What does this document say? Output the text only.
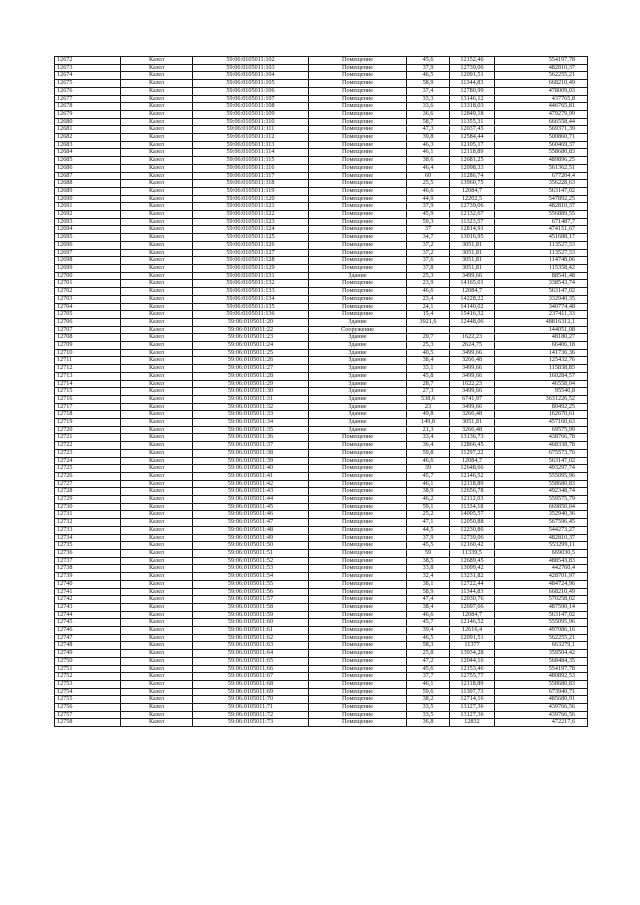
12672	Казел	59:06:0105011:102	Помещение	45,6	12152,46	554197,78
12673	Казел	59:06:0105011:103	Помещение	37,9	12739,06	482810,37
12674	Казел	59:06:0105011:104	Помещение	46,5	12091,51	562255,21
12675	Казел	59:06:0105011:105	Помещение	58,9	11344,83	668210,49
12676	Казел	59:06:0105011:106	Помещение	37,4	12780,99	478009,03
12677	Казел	59:06:0105011:107	Помещение	33,3	13146,12	437765,8
12678	Казел	59:06:0105011:108	Помещение	33,6	13318,03	446765,81
12679	Казел	59:06:0105011:109	Помещение	36,6	12849,18	479279,99
12680	Казел	59:06:0105011:110	Помещение	58,7	11355,31	666558,44
12681	Казел	59:06:0105011:111	Помещение	47,3	12037,45	569371,39
12682	Казел	59:06:0105011:112	Помещение	39,8	12584,44	500860,71
12683	Казел	59:06:0105011:113	Помещение	46,3	12105,17	560469,37
12684	Казел	59:06:0105011:114	Помещение	46,1	12118,89	558680,83
12685	Казел	59:06:0105011:115	Помещение	38,6	12681,25	489896,25
12686	Казел	59:06:0105011:116	Помещение	46,4	12098,33	561362,51
12687	Казел	59:06:0105011:117	Помещение	60	11286,74	677204,4
12688	Казел	59:06:0105011:118	Помещение	25,5	13960,75	356228,63
12689	Казел	59:06:0105011:119	Помещение	46,6	12084,7	563147,02
12690	Казел	59:06:0105011:120	Помещение	44,9	12202,5	547892,25
12691	Казел	59:06:0105011:121	Помещение	37,9	12739,06	482810,37
12692	Казел	59:06:0105011:122	Помещение	45,9	12132,67	556889,55
12693	Казел	59:06:0105011:123	Помещение	59,3	11323,57	671487,7
12694	Казел	59:06:0105011:124	Помещение	37	12814,91	474151,67
12695	Казел	59:06:0105011:125	Помещение	34,7	13016,95	451688,17
12696	Казел	59:06:0105011:126	Помещение	37,2	3051,81	113527,33
12697	Казел	59:06:0105011:127	Помещение	37,2	3051,81	113527,33
12698	Казел	59:06:0105011:128	Помещение	37,6	3051,81	114748,06
12699	Казел	59:06:0105011:129	Помещение	37,8	3051,81	115358,42
12700	Казел	59:06:0105011:131	Здание	25,3	3499,66	88541,48
12701	Казел	59:06:0105011:132	Помещение	23,9	14165,01	338543,74
12702	Казел	59:06:0105011:133	Помещение	46,6	12084,7	563147,02
12703	Казел	59:06:0105011:134	Помещение	23,4	14228,22	332940,35
12704	Казел	59:06:0105011:135	Помещение	24,1	14140,02	340774,48
12705	Казел	59:06:0105011:136	Помещение	15,4	15416,32	237411,33
12706	Казел	59:06:0105011:20	Здание	3921,6	12448,06	48816312,1
12707	Казел	59:06:0105011:22	Сооружение			144051,08
12708	Казел	59:06:0105011:23	Здание	29,7	1622,23	48180,27
12709	Казел	59:06:0105011:24	Здание	25,3	2624,75	66406,18
12710	Казел	59:06:0105011:25	Здание	40,5	3499,66	141736,36
12711	Казел	59:06:0105011:26	Здание	38,4	3266,48	125432,76
12712	Казел	59:06:0105011:27	Здание	33,1	3499,66	115838,85
12713	Казел	59:06:0105011:28	Здание	45,8	3499,66	160284,57
12714	Казел	59:06:0105011:29	Здание	28,7	1622,23	46558,04
12715	Казел	59:06:0105011:30	Здание	27,3	3499,66	95540,8
12716	Казел	59:06:0105011:31	Здание	538,6	6741,97	3631226,52
12717	Казел	59:06:0105011:32	Здание	23	3499,66	80492,25
12718	Казел	59:06:0105011:33	Здание	49,8	3266,48	162670,61
12719	Казел	59:06:0105011:34	Здание	149,8	3051,81	457160,63
12720	Казел	59:06:0105011:35	Здание	21,3	3266,48	69575,99
12721	Казел	59:06:0105011:36	Помещение	33,4	13136,73	438766,78
12722	Казел	59:06:0105011:37	Помещение	36,4	12866,45	468338,78
12723	Казел	59:06:0105011:38	Помещение	59,8	11297,22	675573,76
12724	Казел	59:06:0105011:39	Помещение	46,6	12084,7	563147,02
12725	Казел	59:06:0105011:40	Помещение	39	12648,66	493297,74
12726	Казел	59:06:0105011:41	Помещение	45,7	12146,52	555095,96
12727	Казел	59:06:0105011:42	Помещение	46,1	12118,89	558680,83
12728	Казел	59:06:0105011:43	Помещение	38,9	12656,78	492348,74
12729	Казел	59:06:0105011:44	Помещение	46,2	12112,03	559575,79
12730	Казел	59:06:0105011:45	Помещение	59,1	11334,18	669850,04
12731	Казел	59:06:0105011:46	Помещение	25,2	14005,57	352940,36
12732	Казел	59:06:0105011:47	Помещение	47,1	12050,88	567596,45
12733	Казел	59:06:0105011:48	Помещение	44,5	12230,86	544273,27
12734	Казел	59:06:0105011:49	Помещение	37,9	12739,06	482810,37
12735	Казел	59:06:0105011:50	Помещение	45,5	12160,42	553299,11
12736	Казел	59:06:0105011:51	Помещение	59	11339,5	669030,5
12737	Казел	59:06:0105011:52	Помещение	38,5	12689,45	488543,83
12738	Казел	59:06:0105011:53	Помещение	33,8	13099,42	442760,4
12739	Казел	59:06:0105011:54	Помещение	32,4	13231,82	428701,97
12740	Казел	59:06:0105011:55	Помещение	38,1	12722,44	484724,96
12741	Казел	59:06:0105011:56	Помещение	58,9	11344,83	668210,49
12742	Казел	59:06:0105011:57	Помещение	47,4	12030,76	570258,02
12743	Казел	59:06:0105011:58	Помещение	38,4	12697,66	487590,14
12744	Казел	59:06:0105011:59	Помещение	46,6	12084,7	563147,02
12745	Казел	59:06:0105011:60	Помещение	45,7	12146,52	555095,96
12746	Казел	59:06:0105011:61	Помещение	39,4	12616,4	497086,16
12747	Казел	59:06:0105011:62	Помещение	46,5	12091,51	562255,21
12748	Казел	59:06:0105011:63	Помещение	58,3	11377	663279,1
12749	Казел	59:06:0105011:64	Помещение	25,8	13934,28	359504,42
12750	Казел	59:06:0105011:65	Помещение	47,2	12044,16	568484,35
12751	Казел	59:06:0105011:66	Помещение	45,6	12153,46	554197,78
12752	Казел	59:06:0105011:67	Помещение	37,7	12755,77	480892,53
12753	Казел	59:06:0105011:68	Помещение	46,1	12118,89	558680,83
12754	Казел	59:06:0105011:69	Помещение	59,6	11307,73	673940,71
12755	Казел	59:06:0105011:70	Помещение	38,2	12714,16	485680,91
12756	Казел	59:06:0105011:71	Помещение	33,5	13127,36	439766,56
12757	Казел	59:06:0105011:72	Помещение	33,5	13127,36	439766,56
12758	Казел	59:06:0105011:73	Помещение	36,8	12832	472217,6
